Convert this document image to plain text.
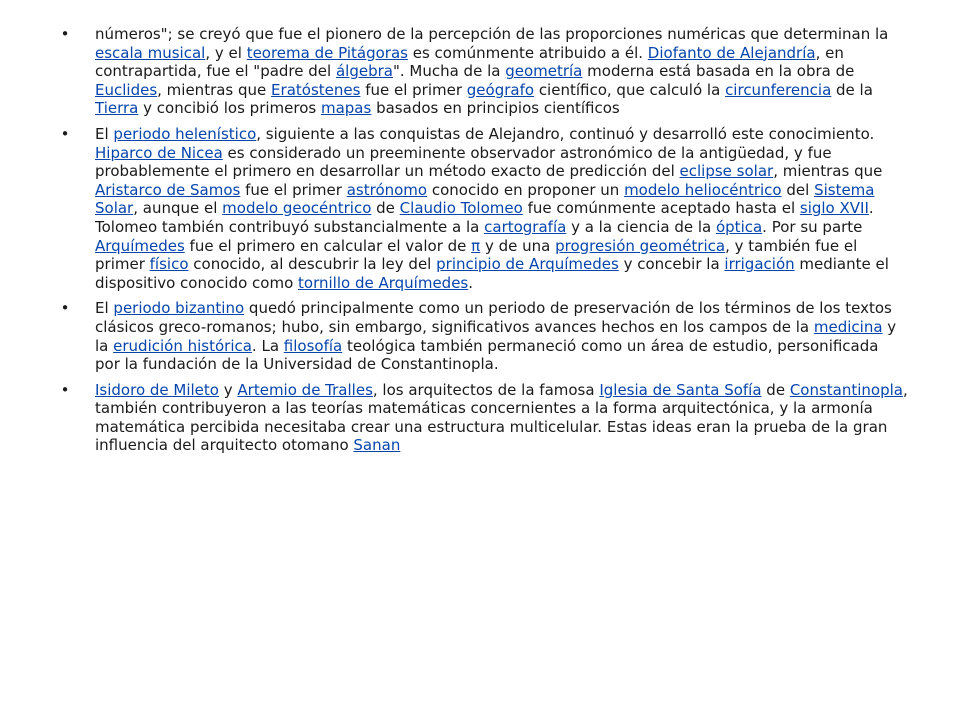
• números"; se creyó que fue el pionero de la percepción de las proporciones numéricas que determinan la escala musical, y el teorema de Pitágoras es comúnmente atribuido a él. Diofanto de Alejandría, en contrapartida, fue el "padre del álgebra". Mucha de la geometría moderna está basada en la obra de Euclides, mientras que Eratóstenes fue el primer geógrafo científico, que calculó la circunferencia de la Tierra y concibió los primeros mapas basados en principios científicos
• El periodo helenístico, siguiente a las conquistas de Alejandro, continuó y desarrolló este conocimiento. Hiparco de Nicea es considerado un preeminente observador astronómico de la antigüedad, y fue probablemente el primero en desarrollar un método exacto de predicción del eclipse solar, mientras que Aristarco de Samos fue el primer astrónomo conocido en proponer un modelo heliocéntrico del Sistema Solar, aunque el modelo geocéntrico de Claudio Tolomeo fue comúnmente aceptado hasta el siglo XVII. Tolomeo también contribuyó substancialmente a la cartografía y a la ciencia de la óptica. Por su parte Arquímedes fue el primero en calcular el valor de π y de una progresión geométrica, y también fue el primer físico conocido, al descubrir la ley del principio de Arquímedes y concebir la irrigación mediante el dispositivo conocido como tornillo de Arquímedes.
• El periodo bizantino quedó principalmente como un periodo de preservación de los términos de los textos clásicos greco-romanos; hubo, sin embargo, significativos avances hechos en los campos de la medicina y la erudición histórica. La filosofía teológica también permaneció como un área de estudio, personificada por la fundación de la Universidad de Constantinopla.
• Isidoro de Mileto y Artemio de Tralles, los arquitectos de la famosa Iglesia de Santa Sofía de Constantinopla, también contribuyeron a las teorías matemáticas concernientes a la forma arquitectónica, y la armonía matemática percibida necesitaba crear una estructura multicelular. Estas ideas eran la prueba de la gran influencia del arquitecto otomano Sanan
